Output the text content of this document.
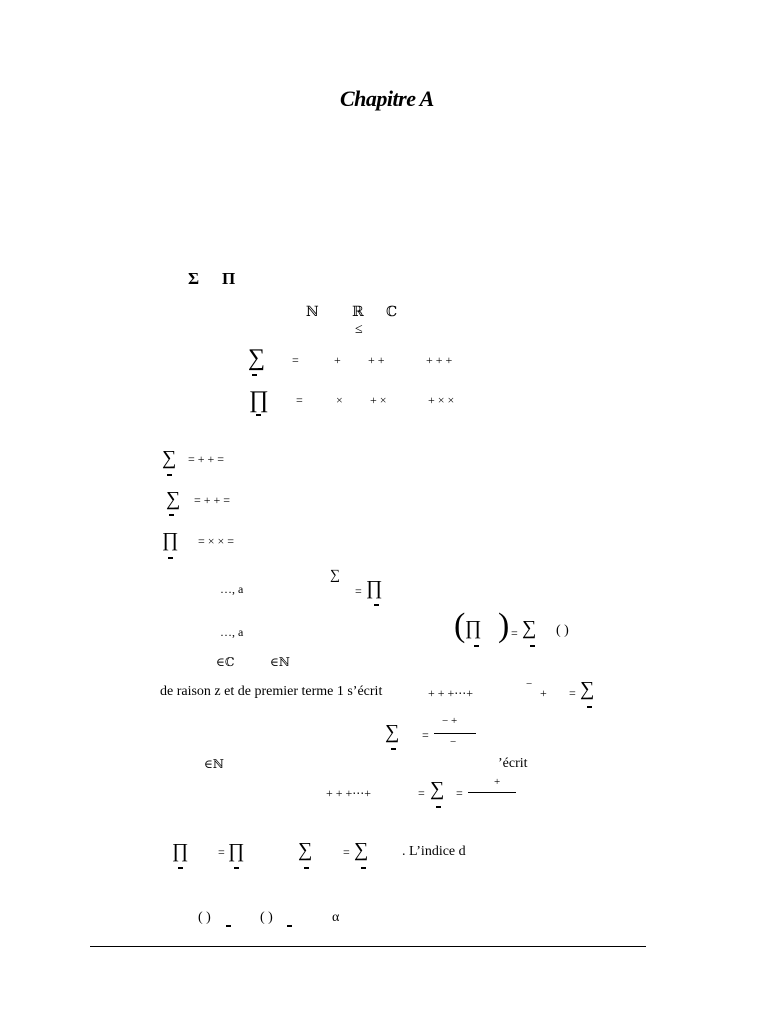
Chapitre A
Σ Π
ℕ ℝ ℂ
≤
∑ =	+ + +	+ + +
∏ =	× + ×	+ × ×
∑ = + + =
∑ = + + =
∏ = × × =
…, a
∑
= ∏
…, a	( ∏ ) = ∑ ( )
∈ℂ	∈ℕ
de raison z et de premier terme 1 s’écrit	+ + +⋯+
−
+ = ∑
∑ =
− +
−
∈ℕ	’écrit
+ + +⋯+	= ∑ =
+
∏ = ∏	∑	= ∑ . L’indice d
( )	( )	α
